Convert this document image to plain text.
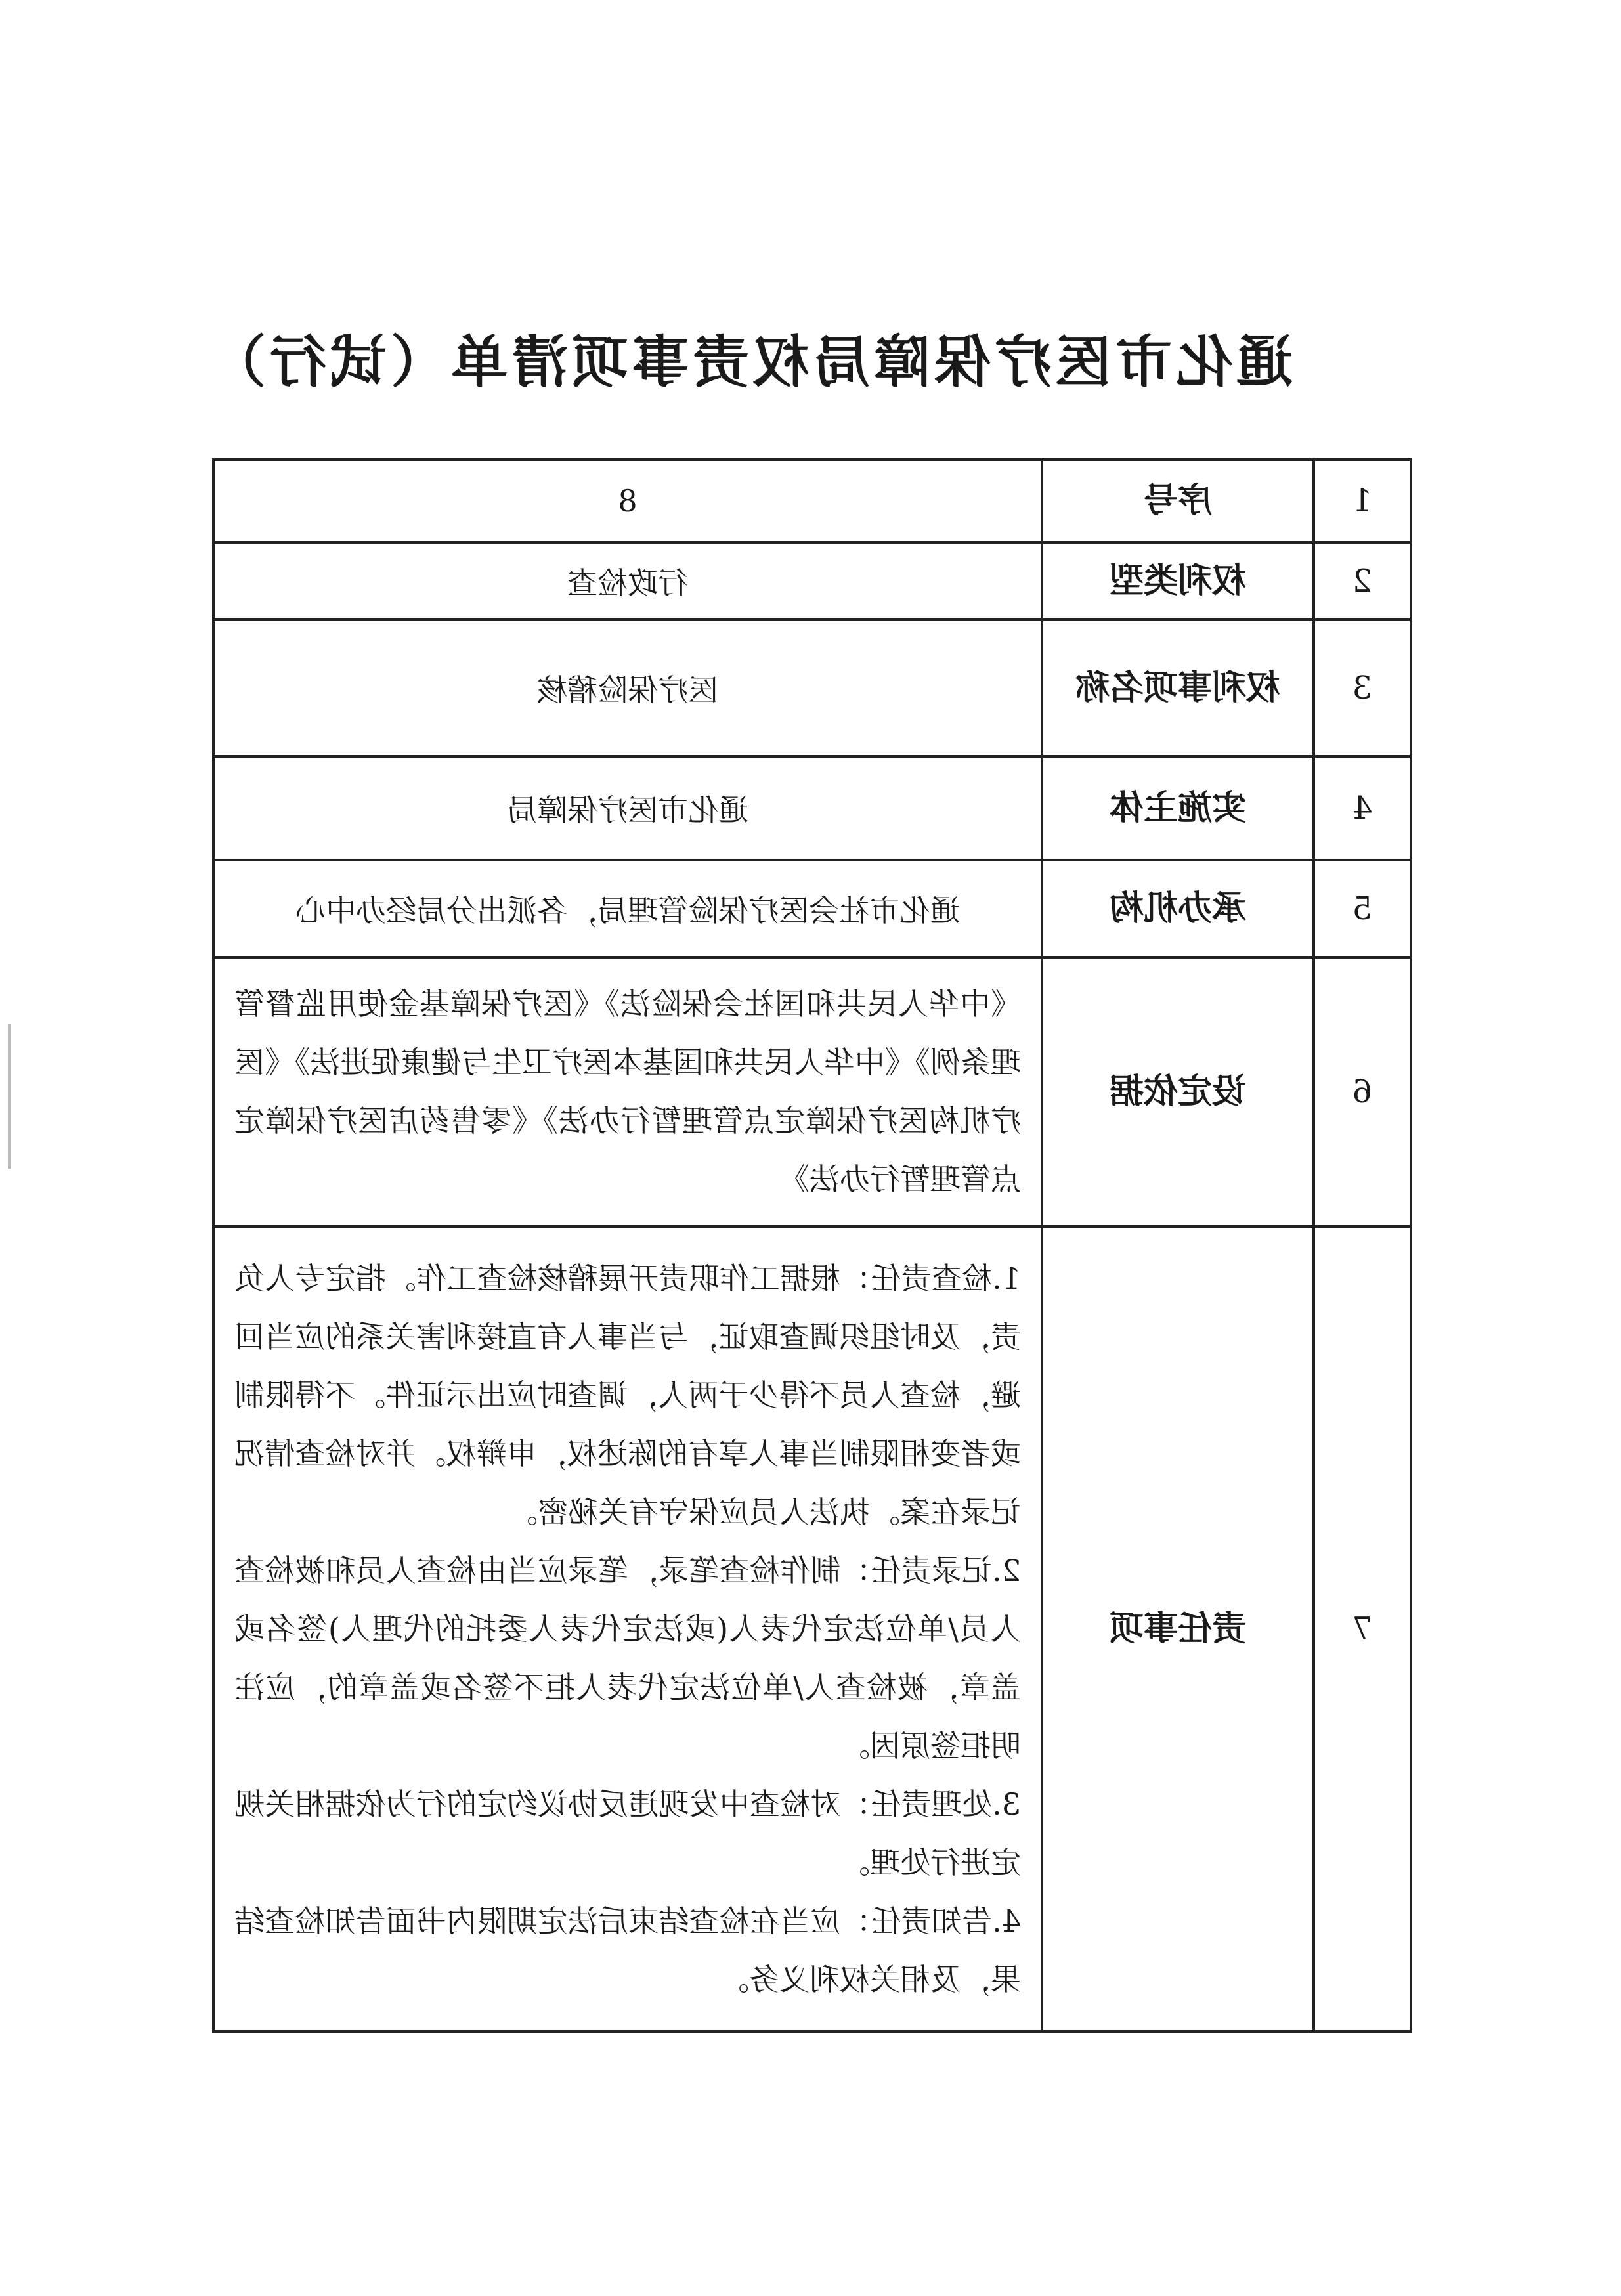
通化市医疗保障局权责事项清单（试行）
1	序号	8
2	权利类型	行政检查
3	权利事项名称	医疗保险稽核
4	实施主体	通化市医疗保障局
5	承办机构	通化市社会医疗保险管理局，各派出分局经办中心
6	设定依据	《中华人民共和国社会保险法》《医疗保障基金使用监督管理条例》《中华人民共和国基本医疗卫生与健康促进法》《医疗机构医疗保障定点管理暂行办法》《零售药店医疗保障定点管理暂行办法》
7	责任事项	1.检查责任：根据工作职责开展稽核检查工作。指定专人负责，及时组织调查取证，与当事人有直接利害关系的应当回避，检查人员不得少于两人，调查时应出示证件。不得限制或者变相限制当事人享有的陈述权，申辩权。并对检查情况记录在案。执法人员应保守有关秘密。
2.记录责任：制作检查笔录，笔录应当由检查人员和被检查人员/单位法定代表人(或法定代表人委托的代理人)签名或盖章，被检查人/单位法定代表人拒不签名或盖章的，应注明拒签原因。
3.处理责任：对检查中发现违反协议约定的行为依据相关规定进行处理。
4.告知责任：应当在检查结束后法定期限内书面告知检查结果，及相关权利义务。
